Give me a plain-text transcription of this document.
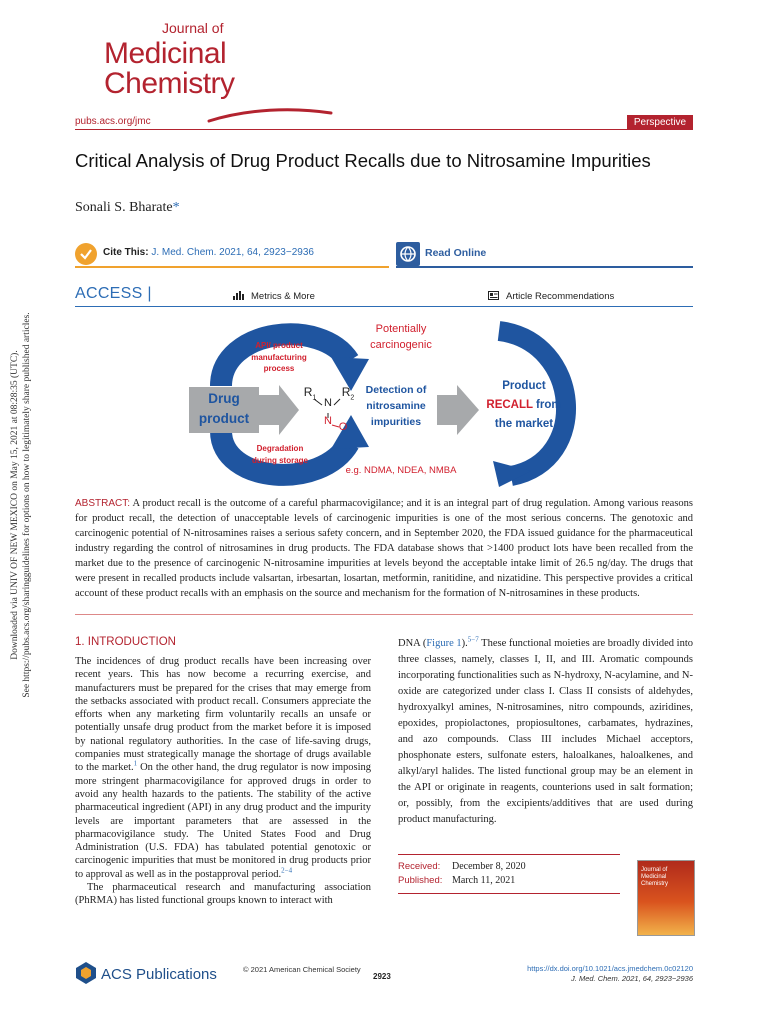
Downloaded via UNIV OF NEW MEXICO on May 15, 2021 at 08:28:35 (UTC). See https://pubs.acs.org/sharingguidelines for options on how to legitimately share published articles.
Journal of
Medicinal
Chemistry
pubs.acs.org/jmc	Perspective
Critical Analysis of Drug Product Recalls due to Nitrosamine Impurities
Sonali S. Bharate*
Cite This: J. Med. Chem. 2021, 64, 2923−2936	Read Online
ACCESS |	Metrics & More	Article Recommendations
Potentially
carcinogenic
API/ product
manufacturing
process
Drug
product
$R_1$ N
$R_2$
N O
Detection of
nitrosamine
impurities
Product
RECALL from
the market
Degradation
during storage
e.g. NDMA, NDEA, NMBA
ABSTRACT: A product recall is the outcome of a careful pharmacovigilance; and it is an integral part of drug regulation. Among various reasons for product recall, the detection of unacceptable levels of carcinogenic impurities is one of the most serious concerns. The genotoxic and carcinogenic potential of N-nitrosamines raises a serious safety concern, and in September 2020, the FDA issued guidance for the pharmaceutical industry regarding the control of nitrosamines in drug products. The FDA database shows that >1400 product lots have been recalled from the market due to the presence of carcinogenic N-nitrosamine impurities at levels beyond the acceptable intake limit of 26.5 ng/day. The drugs that were present in recalled products include valsartan, irbesartan, losartan, metformin, ranitidine, and nizatidine. This perspective provides a critical account of these product recalls with an emphasis on the source and mechanism for the formation of N-nitrosamines in these products.
1. INTRODUCTION

The incidences of drug product recalls have been increasing over recent years. This has now become a recurring exercise, and manufacturers must be prepared for the crises that may emerge from the setbacks associated with product recall. Consumers appreciate the efforts when any marketing firm voluntarily recalls an unsafe or potentially unsafe drug product from the market before it is imposed by national regulatory authorities. In the case of life-saving drugs, companies must strategically manage the shortage of drugs available to the market.$^1$ On the other hand, the drug regulator is now imposing more stringent pharmacovigilance for approved drugs in order to avoid any health hazards to the patients. The stability of the active pharmaceutical ingredient (API) in any drug product and the impurity levels are important parameters that are assessed in the pharmacovigilance study. The United States Food and Drug Administration (U.S. FDA) has tabulated potential genotoxic or carcinogenic impurities that must be monitored in drug products prior to approval as well as in the postapproval period.$^{2-4}$

The pharmaceutical research and manufacturing association (PhRMA) has listed functional groups known to interact with

DNA (Figure 1).$^{5-7}$ These functional moieties are broadly divided into three classes, namely, classes I, II, and III. Aromatic compounds incorporating functionalities such as N-hydroxy, N-acylamine, and N-oxide are categorized under class I. Class II consists of aldehydes, hydroxyalkyl amines, N-nitrosamines, nitro compounds, aziridines, epoxides, propiolactones, propiosultones, carbamates, hydrazines, and azo compounds. Class III includes Michael acceptors, phosphonate esters, sulfonate esters, haloalkanes, haloalkenes, and alkyl/aryl halides. The listed functional group may be an element in the API or originate in reagents, counterions used in salt formation; or, possibly, from the excipients/additives that are used during product manufacturing.

Received: December 8, 2020
Published: March 11, 2021
Journal of
Medicinal
Chemistry
ACS Publications	© 2021 American Chemical Society
2923
https://dx.doi.org/10.1021/acs.jmedchem.0c02120
J. Med. Chem. 2021, 64, 2923−2936
